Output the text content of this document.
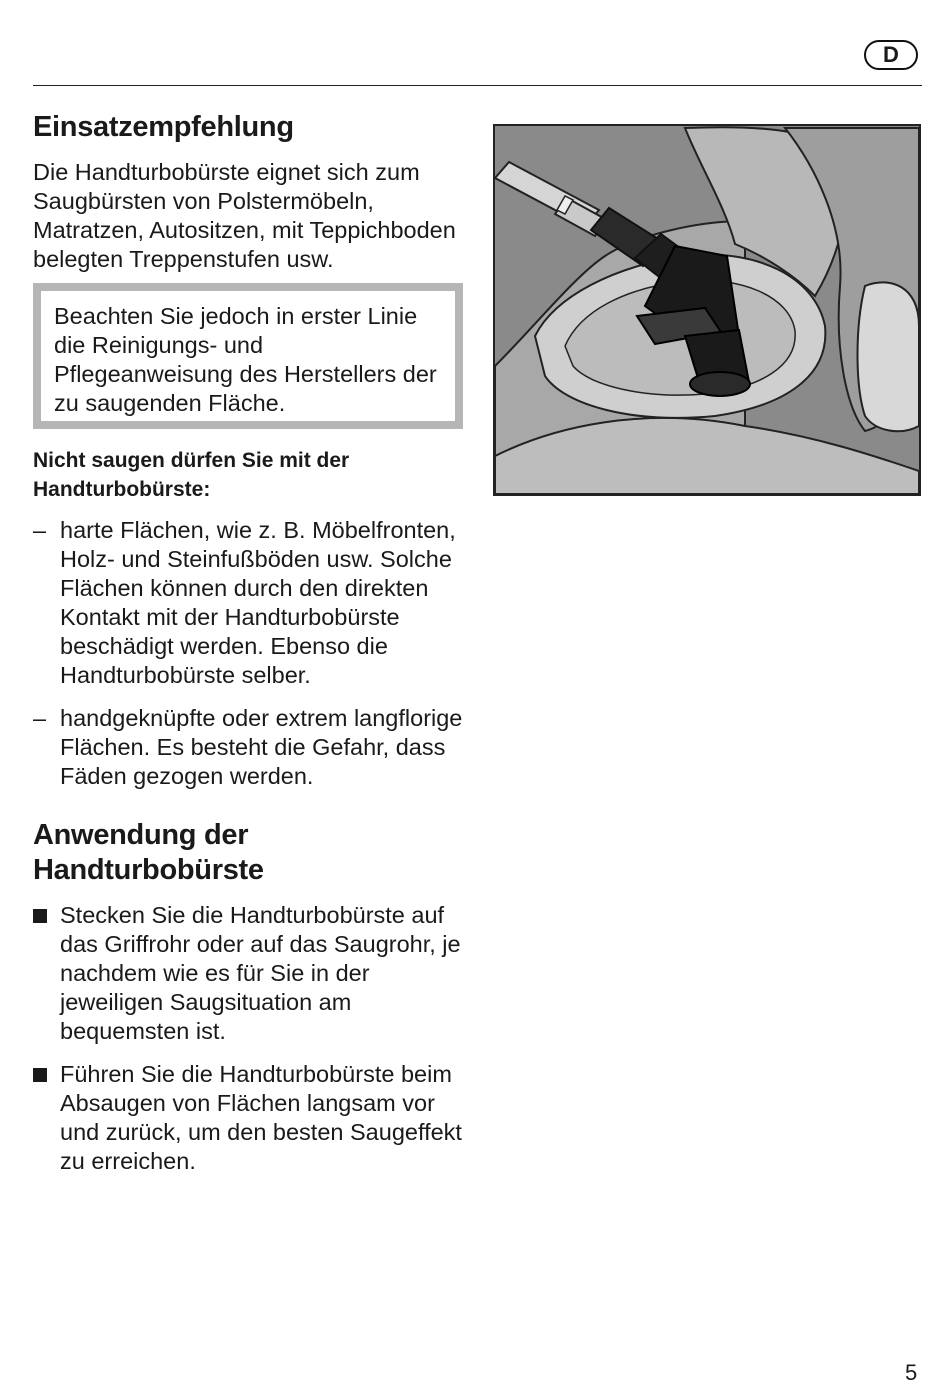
D
Einsatzempfehlung

Die Handturbobürste eignet sich zum Saugbürsten von Polstermöbeln, Matratzen, Autositzen, mit Teppichboden belegten Treppenstufen usw.

Beachten Sie jedoch in erster Linie die Reinigungs- und Pflegeanweisung des Herstellers der zu saugenden Fläche.

Nicht saugen dürfen Sie mit der Handturbobürste:

– harte Flächen, wie z. B. Möbelfronten, Holz- und Steinfußböden usw. Solche Flächen können durch den direkten Kontakt mit der Handturbobürste beschädigt werden. Ebenso die Handturbobürste selber.
– handgeknüpfte oder extrem langflorige Flächen. Es besteht die Gefahr, dass Fäden gezogen werden.
Anwendung der Handturbobürste
Stecken Sie die Handturbobürste auf das Griffrohr oder auf das Saugrohr, je nachdem wie es für Sie in der jeweiligen Saugsituation am bequemsten ist.
Führen Sie die Handturbobürste beim Absaugen von Flächen langsam vor und zurück, um den besten Saugeffekt zu erreichen.
5
